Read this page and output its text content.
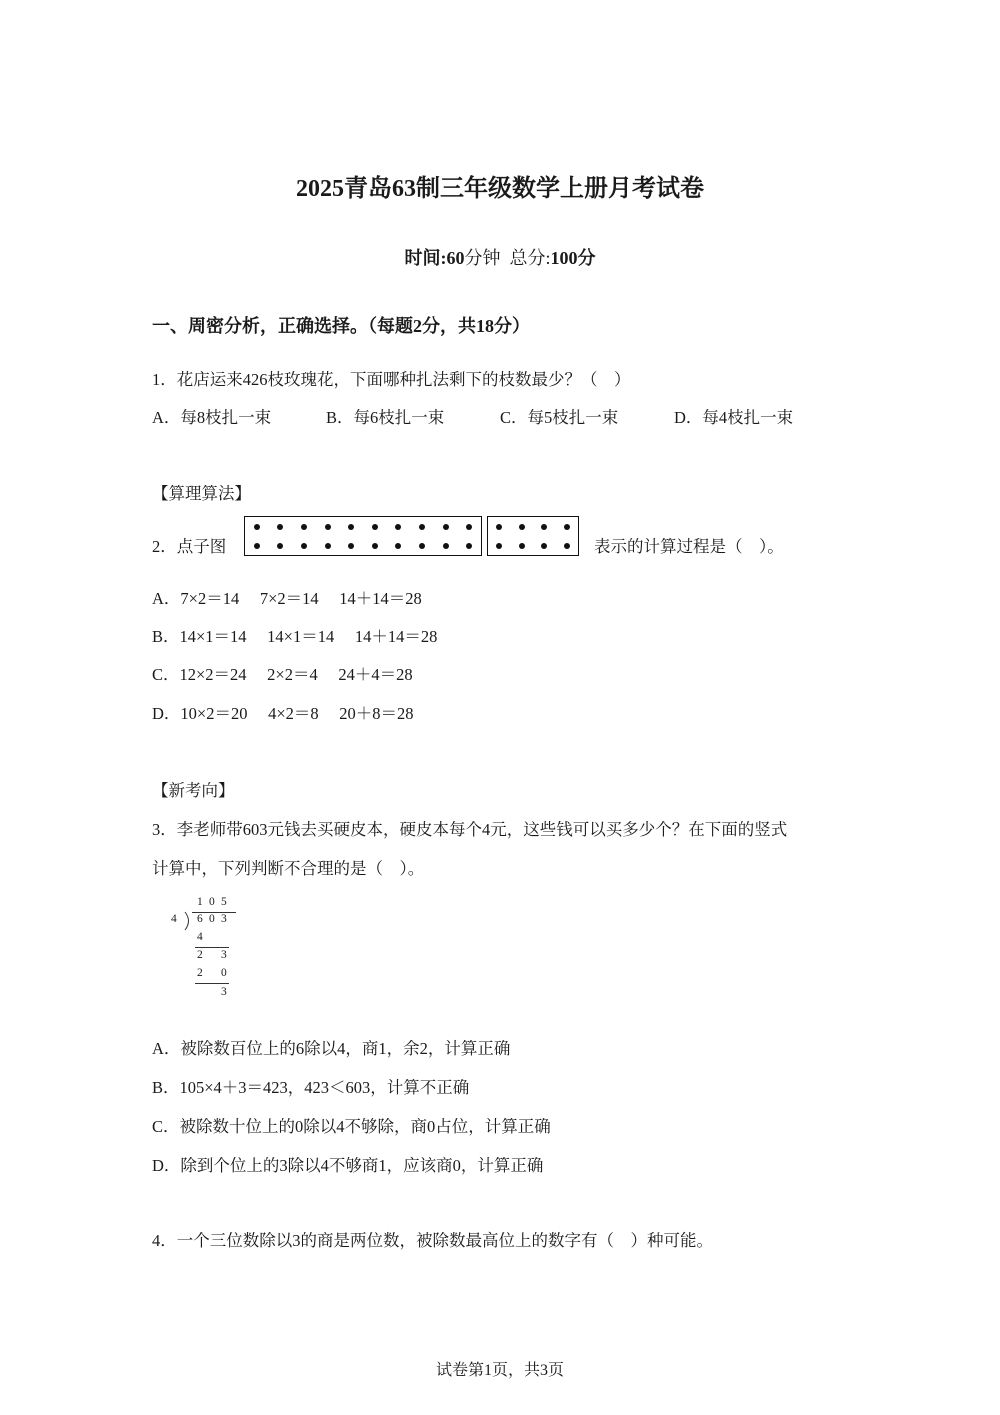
2025青岛63制三年级数学上册月考试卷
时间:60分钟 总分:100分
一、周密分析，正确选择。（每题2分，共18分）
1．花店运来426枝玫瑰花，下面哪种扎法剩下的枝数最少？（　）
A．每8枝扎一束	B．每6枝扎一束	C．每5枝扎一束	D．每4枝扎一束
【算理算法】
2．点子图	表示的计算过程是（　）。
A．7×2＝14　 7×2＝14　 14＋14＝28
B．14×1＝14　 14×1＝14　 14＋14＝28
C．12×2＝24　 2×2＝4　 24＋4＝28
D．10×2＝20　 4×2＝8　 20＋8＝28
【新考向】
3．李老师带603元钱去买硬皮本，硬皮本每个4元，这些钱可以买多少个？在下面的竖式
计算中，下列判断不合理的是（　）。
1 0 5
4 6 0 3
4
2 3
2 0
3
A．被除数百位上的6除以4，商1，余2，计算正确
B．105×4＋3＝423，423＜603，计算不正确
C．被除数十位上的0除以4不够除，商0占位，计算正确
D．除到个位上的3除以4不够商1，应该商0，计算正确
4．一个三位数除以3的商是两位数，被除数最高位上的数字有（　）种可能。
试卷第1页，共3页
